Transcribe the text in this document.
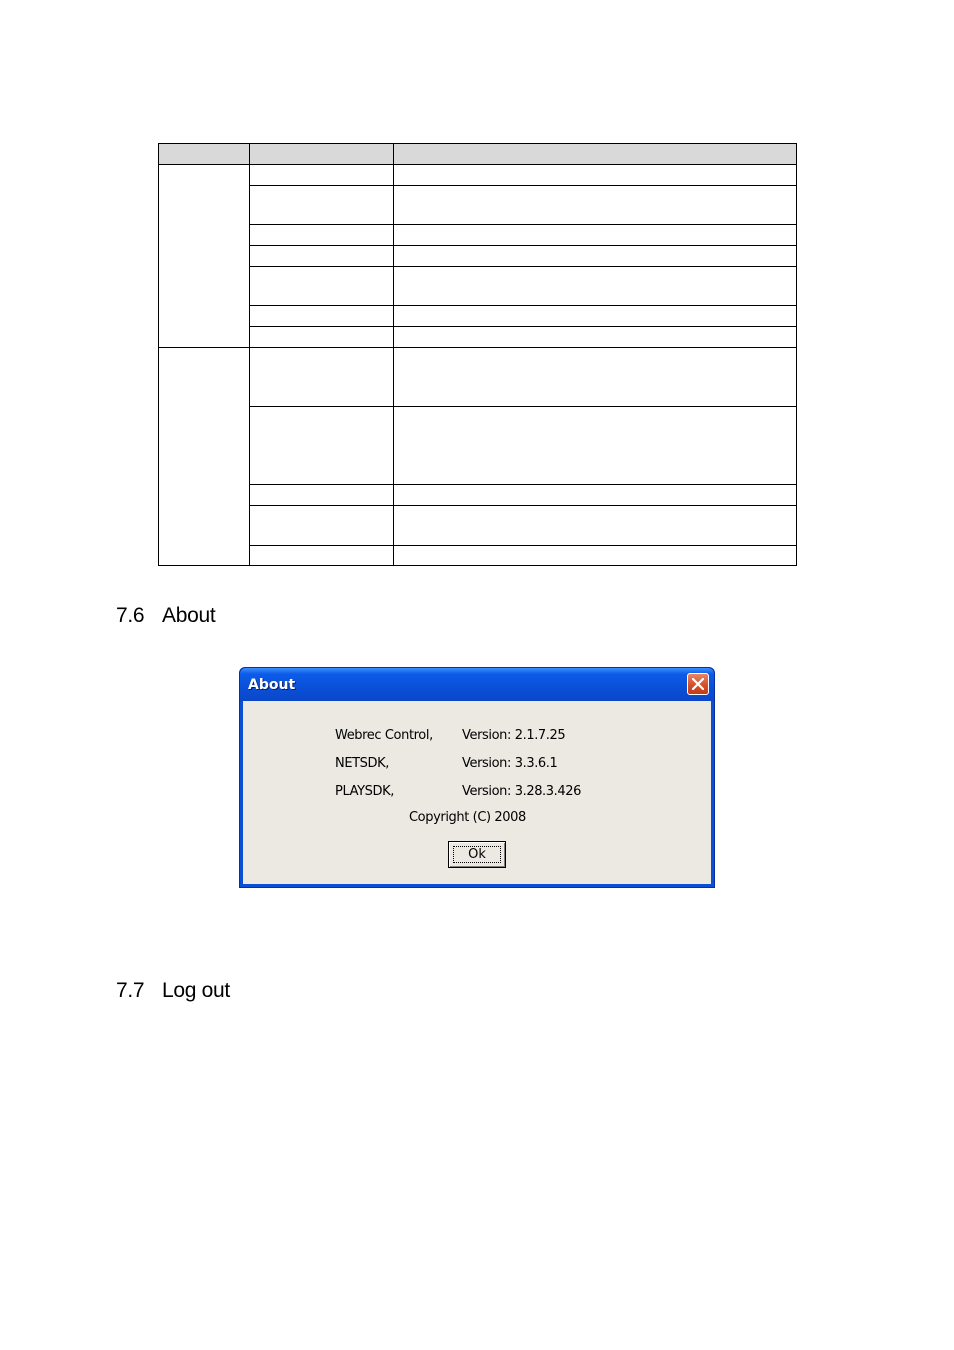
7.6 About
About
Webrec Control, Version: 2.1.7.25
NETSDK,	Version: 3.3.6.1
PLAYSDK,	Version: 3.28.3.426
Copyright (C) 2008
Ok
7.7 Log out
